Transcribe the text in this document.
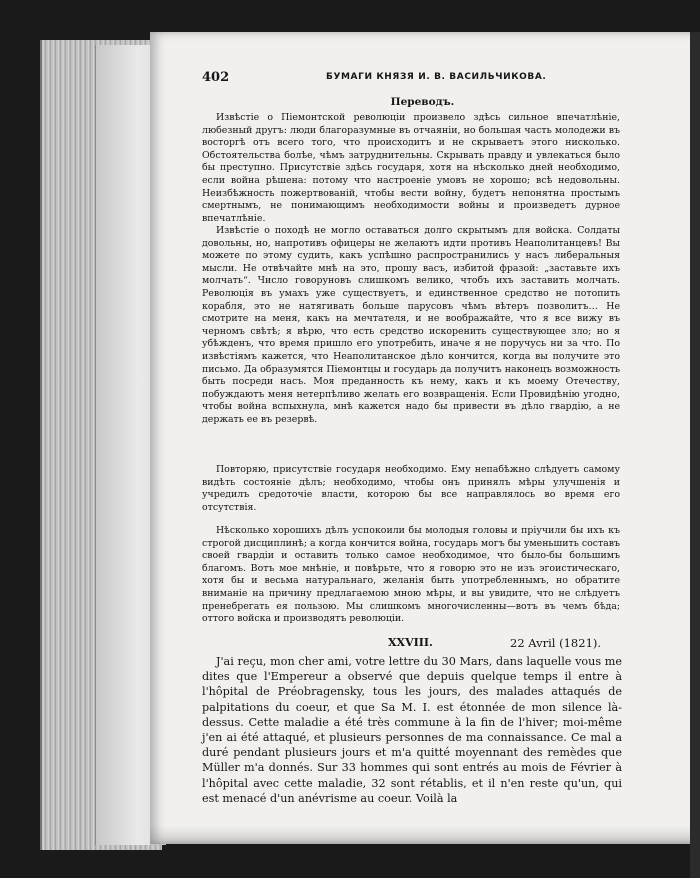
402	БУМАГИ КНЯЗЯ И. В. ВАСИЛЬЧИКОВА.
Переводъ.

Извѣстіе о Піемонтской революціи произвело здѣсь сильное впечатлѣніе, любезный другъ: люди благоразумные въ отчаяніи, но большая часть молодежи въ восторгѣ отъ всего того, что происходитъ и не скрываетъ этого нисколько. Обстоятельства болѣе, чѣмъ затруднительны. Скрывать правду и увлекаться было бы преступно. Присутствіе здѣсь государя, хотя на нѣсколько дней необходимо, если война рѣшена: потому что настроеніе умовъ не хорошо; всѣ недовольны. Неизбѣжность пожертвованій, чтобы вести войну, будетъ непонятна простымъ смертнымъ, не понимающимъ необходимости войны и произведетъ дурное впечатлѣніе.

Извѣстіе о походѣ не могло оставаться долго скрытымъ для войска. Солдаты довольны, но, напротивъ офицеры не желаютъ идти противъ Неаполитанцевъ! Вы можете по этому судить, какъ успѣшно распространились у насъ либеральныя мысли. Не отвѣчайте мнѣ на это, прошу васъ, избитой фразой: „заставьте ихъ молчать“. Число говоруновъ слишкомъ велико, чтобъ ихъ заставить молчать. Революція въ умахъ уже существуетъ, и единственное средство не потопить корабля, это не натягивать больше парусовъ чѣмъ вѣтеръ позволитъ… Не смотрите на меня, какъ на мечтателя, и не воображайте, что я все вижу въ черномъ свѣтѣ; я вѣрю, что есть средство искоренить существующее зло; но я убѣжденъ, что время пришло его употребить, иначе я не поручусь ни за что. По извѣстіямъ кажется, что Неаполитанское дѣло кончится, когда вы получите это письмо. Да образумятся Піемонтцы и государь да получитъ наконецъ возможность быть посреди насъ. Моя преданность къ нему, какъ и къ моему Отечеству, побуждаютъ меня нетерпѣливо желать его возвращенія. Если Провидѣнію угодно, чтобы война вспыхнула, мнѣ кажется надо бы привести въ дѣло гвардію, а не держать ее въ резервѣ.

Повторяю, присутствіе государя необходимо. Ему непабѣжно слѣдуетъ самому видѣть состояніе дѣлъ; необходимо, чтобы онъ принялъ мѣры улучшенія и учредилъ средоточіе власти, которою бы все направлялось во время его отсутствія.

Нѣсколько хорошихъ дѣлъ успокоили бы молодыя головы и пріучили бы ихъ къ строгой дисциплинѣ; а когда кончится война, государь могъ бы уменьшить составъ своей гвардіи и оставить только самое необходимое, что было-бы большимъ благомъ. Вотъ мое мнѣніе, и повѣрьте, что я говорю это не изъ эгоистическаго, хотя бы и весьма натуральнаго, желанія быть употребленнымъ, но обратите вниманіе на причину предлагаемою мною мѣры, и вы увидите, что не слѣдуетъ пренебрегать ея пользою. Мы слишкомъ многочисленны—вотъ въ чемъ бѣда; оттого войска и производятъ революціи.

XXVIII.	22 Avril (1821).

J'ai reçu, mon cher ami, votre lettre du 30 Mars, dans laquelle vous me dites que l'Empereur a observé que depuis quelque temps il entre à l'hôpital de Préobragensky, tous les jours, des malades attaqués de palpitations du coeur, et que Sa M. I. est étonnée de mon silence là-dessus. Cette maladie a été très commune à la fin de l'hiver; moi-même j'en ai été attaqué, et plusieurs personnes de ma connaissance. Ce mal a duré pendant plusieurs jours et m'a quitté moyennant des remèdes que Müller m'a donnés. Sur 33 hommes qui sont entrés au mois de Février à l'hôpital avec cette maladie, 32 sont rétablis, et il n'en reste qu'un, qui est menacé d'un anévrisme au coeur. Voilà la
